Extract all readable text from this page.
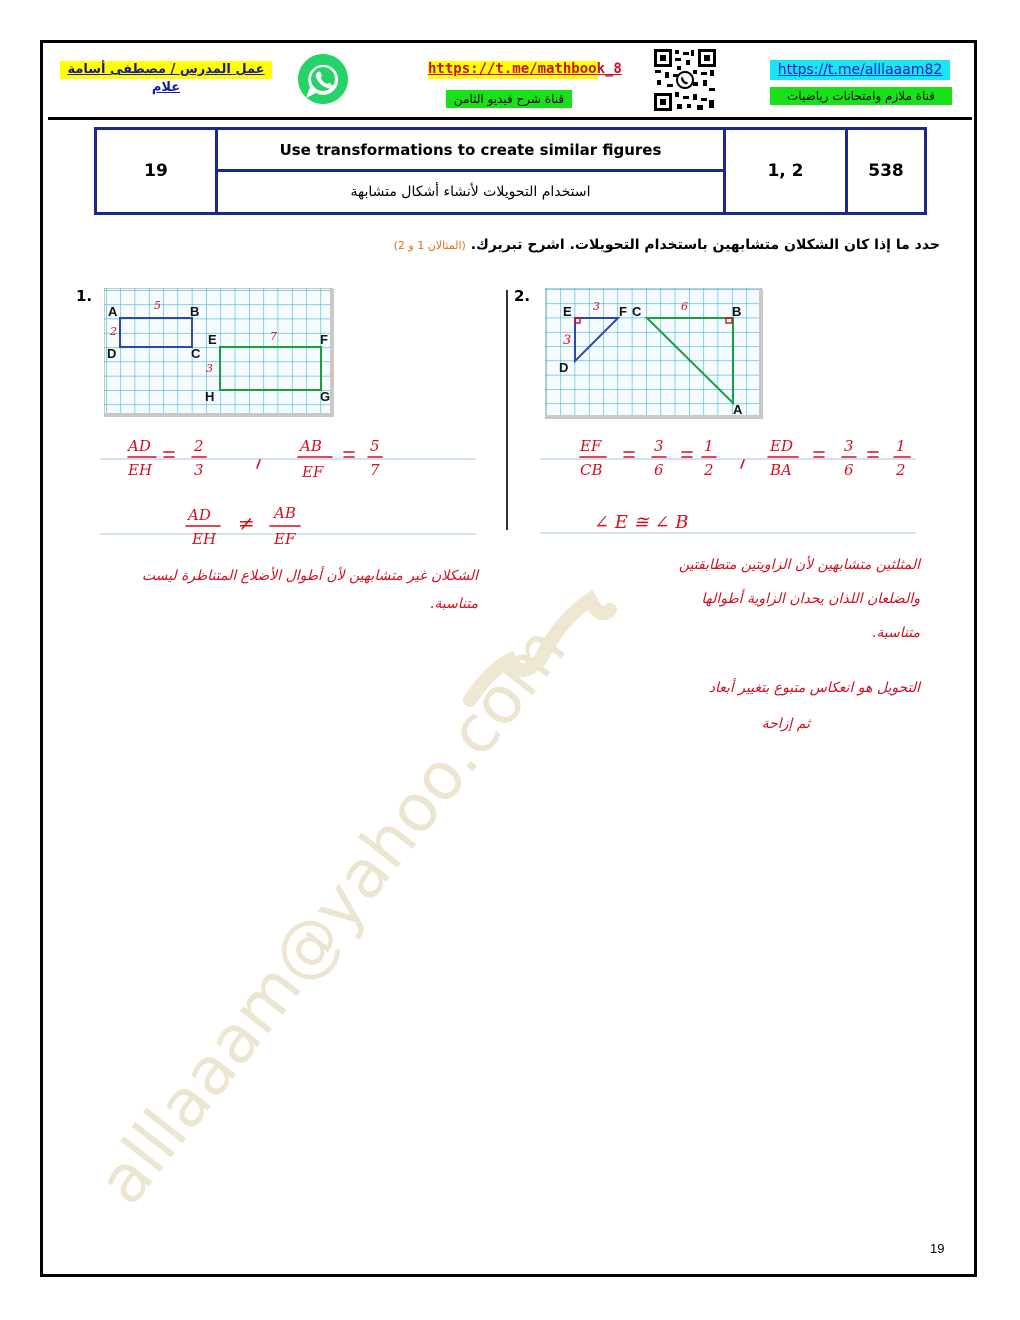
عمل المدرس / مصطفى أسامة علام
https://t.me/mathbook_8
قناة شرح فيديو الثامن
https://t.me/alllaaam82
قناة ملازم وامتحانات رياضيات
19	Use transformations to create similar figures	1, 2	538
استخدام التحويلات لأنشاء أشكال متشابهة
حدد ما إذا كان الشكلان متشابهين باستخدام التحويلات. اشرح تبريرك. (المثالان 1 و 2)
alllaaam@yahoo.com
1.
A	B
C
D
E	F
G
H
5
2	7
3
AD
EH
2
3
AB
EF
5
7
AD
EH
≠ AB
EF
الشكلان غير متشابهين لأن أطوال الأضلاع المتناظرة ليست
متناسبة.
2.
E	F C	B
D
A
3
3
6
EF
CB
3
6
1
2
ED
BA
3
6
1
2
∠ E ≅ ∠ B
المثلثين متشابهين لأن الزاويتين متطابقتين
والضلعان اللذان يحدان الزاوية أطوالها
متناسبة.
التحويل هو انعكاس متبوع بتغيير أبعاد
ثم إزاحة
19
